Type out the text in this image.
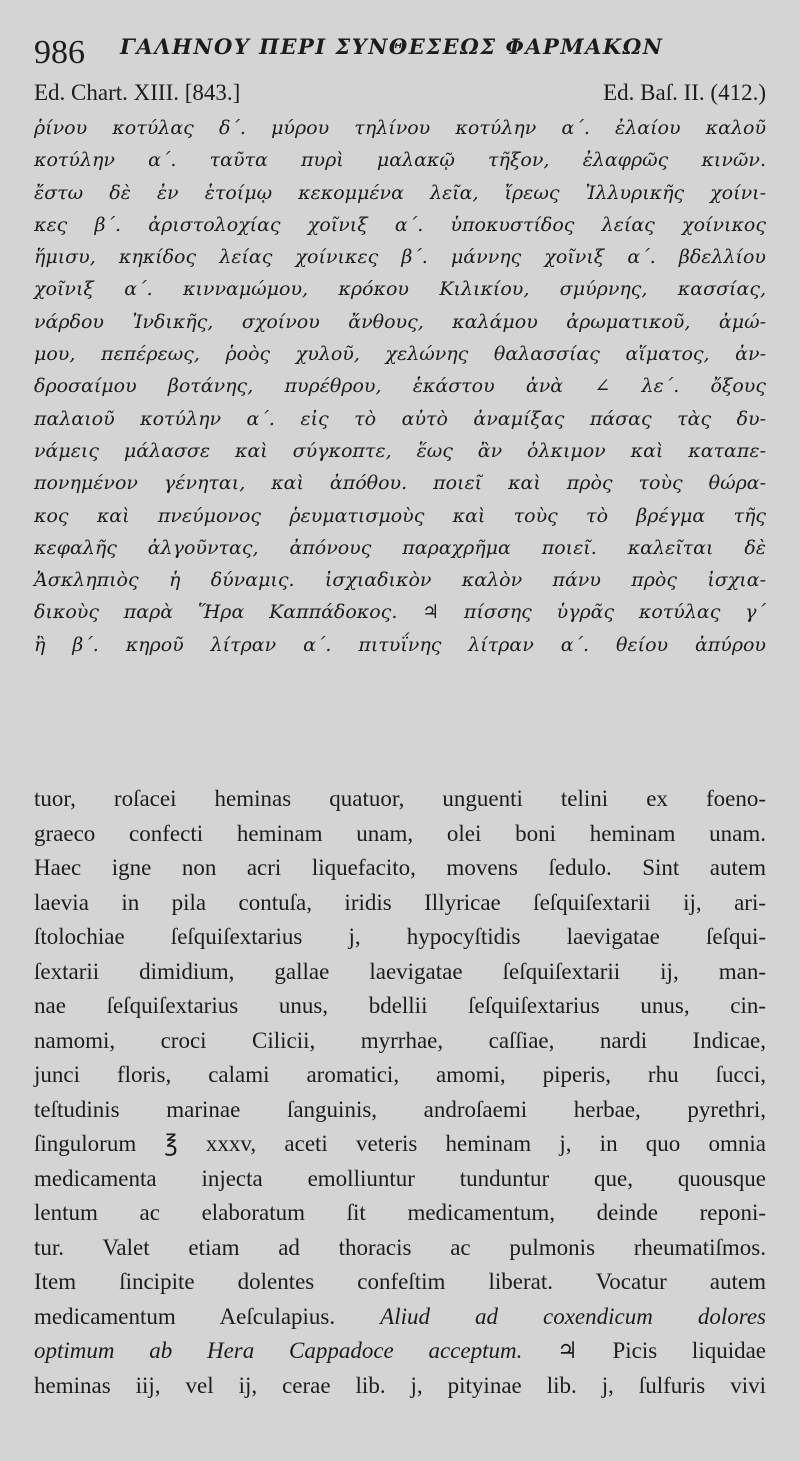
986 ΓΑΛΗΝΟΥ ΠΕΡΙ ΣΥΝΘΕΣΕΩΣ ΦΑΡΜΑΚΩΝ
Ed. Chart. XIII. [843.]	Ed. Baſ. II. (412.)
ῥίνου κοτύλας δ΄. μύρου τηλίνου κοτύλην α΄. ἐλαίου καλοῦ
κοτύλην α΄. ταῦτα πυρὶ μαλακῷ τῆξον, ἐλαφρῶς κινῶν.
ἔστω δὲ ἐν ἑτοίμῳ κεκομμένα λεῖα, ἴρεως Ἰλλυρικῆς χοίνι-
κες β΄. ἀριστολοχίας χοῖνιξ α΄. ὑποκυστίδος λείας χοίνικος
ἥμισυ, κηκίδος λείας χοίνικες β΄. μάννης χοῖνιξ α΄. βδελλίου
χοῖνιξ α΄. κινναμώμου, κρόκου Κιλικίου, σμύρνης, κασσίας,
νάρδου Ἰνδικῆς, σχοίνου ἄνθους, καλάμου ἀρωματικοῦ, ἀμώ-
μου, πεπέρεως, ῥοὸς χυλοῦ, χελώνης θαλασσίας αἵματος, ἀν-
δροσαίμου βοτάνης, πυρέθρου, ἑκάστου ἀνὰ ∠ λε΄. ὄξους
παλαιοῦ κοτύλην α΄. εἰς τὸ αὐτὸ ἀναμίξας πάσας τὰς δυ-
νάμεις μάλασσε καὶ σύγκοπτε, ἕως ἂν ὁλκιμον καὶ καταπε-
πονημένον γένηται, καὶ ἀπόθου. ποιεῖ καὶ πρὸς τοὺς θώρα-
κος καὶ πνεύμονος ῥευματισμοὺς καὶ τοὺς τὸ βρέγμα τῆς
κεφαλῆς ἀλγοῦντας, ἀπόνους παραχρῆμα ποιεῖ. καλεῖται δὲ
Ἀσκληπιὸς ἡ δύναμις. ἰσχιαδικὸν καλὸν πάνυ πρὸς ἰσχια-
δικοὺς παρὰ Ἥρα Καππάδοκος. ♃ πίσσης ὑγρᾶς κοτύλας γ΄
ἢ β΄. κηροῦ λίτραν α΄. πιτυΐνης λίτραν α΄. θείου ἀπύρου
tuor, roſacei heminas quatuor, unguenti telini ex foeno-
graeco confecti heminam unam, olei boni heminam unam.
Haec igne non acri liquefacito, movens ſedulo. Sint autem
laevia in pila contuſa, iridis Illyricae ſeſquiſextarii ij, ari-
ſtolochiae ſeſquiſextarius j, hypocyſtidis laevigatae ſeſqui-
ſextarii dimidium, gallae laevigatae ſeſquiſextarii ij, man-
nae ſeſquiſextarius unus, bdellii ſeſquiſextarius unus, cin-
namomi, croci Cilicii, myrrhae, caſſiae, nardi Indicae,
junci floris, calami aromatici, amomi, piperis, rhu ſucci,
teſtudinis marinae ſanguinis, androſaemi herbae, pyrethri,
ſingulorum ℥ xxxv, aceti veteris heminam j, in quo omnia
medicamenta injecta emolliuntur tunduntur que, quousque
lentum ac elaboratum ſit medicamentum, deinde reponi-
tur. Valet etiam ad thoracis ac pulmonis rheumatiſmos.
Item ſincipite dolentes confeſtim liberat. Vocatur autem
medicamentum Aeſculapius. Aliud ad coxendicum dolores
optimum ab Hera Cappadoce acceptum. ♃ Picis liquidae
heminas iij, vel ij, cerae lib. j, pityinae lib. j, ſulfuris vivi
